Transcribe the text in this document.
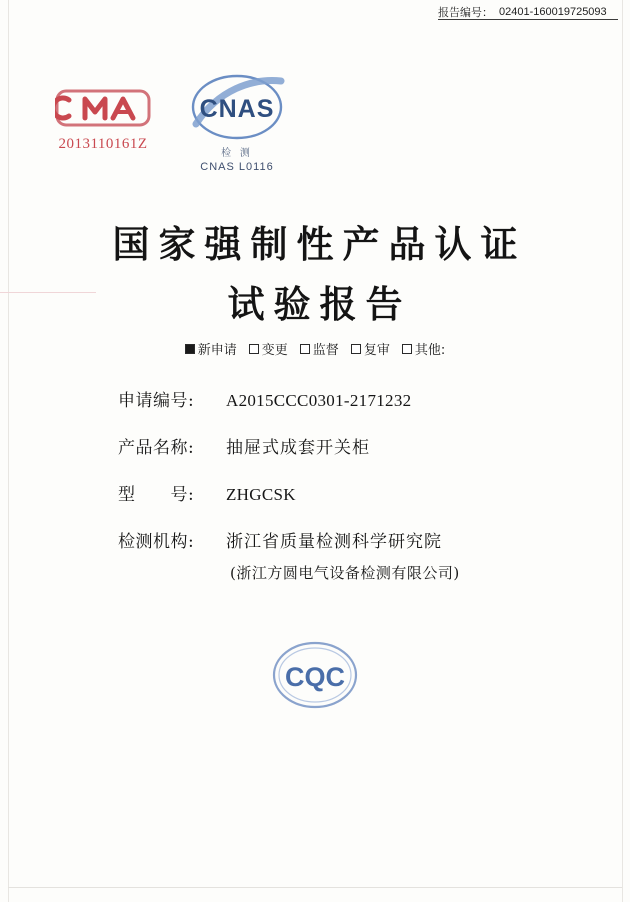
报告编号： 02401-160019725093
2013110161Z
CNAS
检 测
CNAS L0116
国家强制性产品认证
试验报告
新申请 变更 监督 复审 其他:
申请编号:	A2015CCC0301-2171232
产品名称:	抽屉式成套开关柜
型　　号:	ZHGCSK
检测机构:	浙江省质量检测科学研究院
(浙江方圆电气设备检测有限公司)
CQC
